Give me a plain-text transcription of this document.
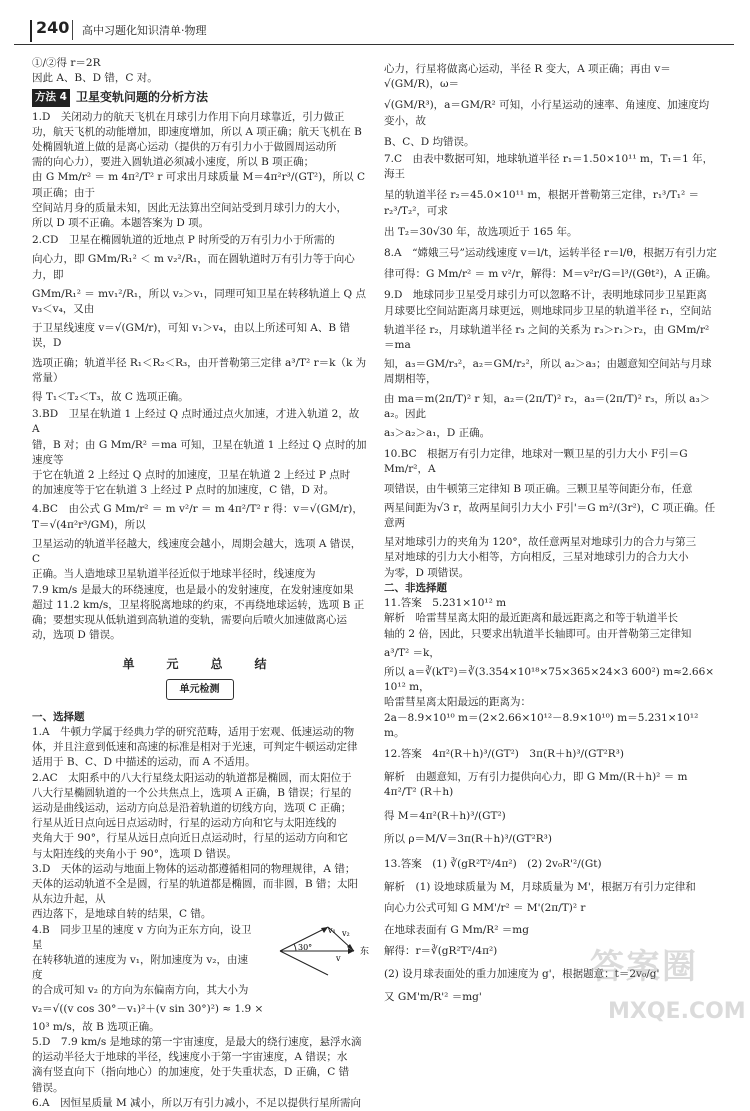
240 高中习题化知识清单·物理

①/②得 r＝2R

因此 A、B、D 错，C 对。

方法 4 卫星变轨问题的分析方法

1.D　关闭动力的航天飞机在月球引力作用下向月球靠近，引力做正

功，航天飞机的动能增加，即速度增加，所以 A 项正确；航天飞机在 B

处椭圆轨道上做的是离心运动（提供的万有引力小于做圆周运动所

需的向心力），要进入圆轨道必须减小速度，所以 B 项正确；

由 G Mm/r² ＝ m 4π²/T² r 可求出月球质量 M＝4π²r³/(GT²)，所以 C 项正确；由于

空间站月身的质量未知，因此无法算出空间站受到月球引力的大小，

所以 D 项不正确。本题答案为 D 项。

2.CD　卫星在椭圆轨道的近地点 P 时所受的万有引力小于所需的

向心力，即 GMm/R₁² ＜ m v₂²/R₁，而在圆轨道时万有引力等于向心力，即

GMm/R₁² ＝ mv₁²/R₁，所以 v₂＞v₁，同理可知卫星在转移轨道上 Q 点 v₃＜v₄，又由

于卫星线速度 v＝√(GM/r)，可知 v₁＞v₄，由以上所述可知 A、B 错误，D

选项正确；轨道半径 R₁＜R₂＜R₃，由开普勒第三定律 a³/T² r＝k（k 为常量）

得 T₁＜T₂＜T₃，故 C 选项正确。

3.BD　卫星在轨道 1 上经过 Q 点时通过点火加速，才进入轨道 2，故 A

错，B 对；由 G Mm/R² ＝ma 可知，卫星在轨道 1 上经过 Q 点时的加速度等

于它在轨道 2 上经过 Q 点时的加速度，卫星在轨道 2 上经过 P 点时

的加速度等于它在轨道 3 上经过 P 点时的加速度，C 错，D 对。

4.BC　由公式 G Mm/r² ＝ m v²/r ＝ m 4π²/T² r 得：v＝√(GM/r)，T＝√(4π²r³/GM)，所以

卫星运动的轨道半径越大，线速度会越小，周期会越大，选项 A 错误，C

正确。当人造地球卫星轨道半径近似于地球半径时，线速度为

7.9 km/s 是最大的环绕速度，也是最小的发射速度，在发射速度如果

超过 11.2 km/s，卫星将脱离地球的约束，不再绕地球运转，选项 B 正

确；要想实现从低轨道到高轨道的变轨，需要向后喷火加速做离心运

动，选项 D 错误。

单　元　总　结
单元检测

一、选择题

1.A　牛顿力学属于经典力学的研究范畴，适用于宏观、低速运动的物

体，并且注意到低速和高速的标准是相对于光速，可判定牛顿运动定律

适用于 B、C、D 中描述的运动，而 A 不适用。

2.AC　太阳系中的八大行星绕太阳运动的轨道都是椭圆，而太阳位于

八大行星椭圆轨道的一个公共焦点上，选项 A 正确，B 错误；行星的

运动是曲线运动，运动方向总是沿着轨道的切线方向，选项 C 正确；

行星从近日点向远日点运动时，行星的运动方向和它与太阳连线的

夹角大于 90°，行星从远日点向近日点运动时，行星的运动方向和它

与太阳连线的夹角小于 90°，选项 D 错误。

3.D　天体的运动与地面上物体的运动都遵循相同的物理规律，A 错；

天体的运动轨道不全是圆，行星的轨道都是椭圆，而非圆，B 错；太阳从东边升起，从

西边落下，是地球自转的结果，C 错。

4.B　同步卫星的速度 v 方向为正东方向，设卫星

在转移轨道的速度为 v₁，附加速度为 v₂，由速度

的合成可知 v₂ 的方向为东偏南方向，其大小为

v₂＝√((v cos 30°－v₁)²＋(v sin 30°)²) ≈ 1.9 ×

10³ m/s，故 B 选项正确。

v₁ v₂
v
30°	东

5.D　7.9 km/s 是地球的第一宇宙速度，是最大的绕行速度，悬浮水滴

的运动半径大于地球的半径，线速度小于第一宇宙速度，A 错误；水

滴有竖直向下（指向地心）的加速度，处于失重状态，D 正确，C 错

错误。

6.A　因恒星质量 M 减小，所以万有引力减小，不足以提供行星所需向

心力，行星将做离心运动，半径 R 变大，A 项正确；再由 v＝√(GM/R)，ω＝

√(GM/R³)，a＝GM/R² 可知，小行星运动的速率、角速度、加速度均变小，故

B、C、D 均错误。

7.C　由表中数据可知，地球轨道半径 r₁＝1.50×10¹¹ m，T₁＝1 年，海王

星的轨道半径 r₂＝45.0×10¹¹ m，根据开普勒第三定律，r₁³/T₁² ＝ r₂³/T₂²，可求

出 T₂＝30√30 年，故选项近于 165 年。

8.A　“嫦娥三号”运动线速度 v＝l/t，运转半径 r＝l/θ，根据万有引力定

律可得：G Mm/r² ＝ m v²/r，解得：M＝v²r/G＝l³/(Gθt²)，A 正确。

9.D　地球同步卫星受月球引力可以忽略不计，表明地球同步卫星距离

月球要比空间站距离月球更远，则地球同步卫星的轨道半径 r₁，空间站

轨道半径 r₂，月球轨道半径 r₃ 之间的关系为 r₃＞r₁＞r₂，由 GMm/r² ＝ma

知，a₃＝GM/r₃²，a₂＝GM/r₂²，所以 a₂＞a₃；由题意知空间站与月球周期相等，

由 ma＝m(2π/T)² r 知，a₂＝(2π/T)² r₂，a₃＝(2π/T)² r₃，所以 a₃＞a₂。因此

a₃＞a₂＞a₁，D 正确。

10.BC　根据万有引力定律，地球对一颗卫星的引力大小 F引＝G Mm/r²，A

项错误，由牛顿第三定律知 B 项正确。三颗卫星等间距分布，任意

两星间距为√3 r，故两星间引力大小 F引'＝G m²/(3r²)，C 项正确。任意两

星对地球引力的夹角为 120°，故任意两星对地球引力的合力与第三

星对地球的引力大小相等，方向相反，三星对地球引力的合力大小

为零，D 项错误。

二、非选择题

11.答案　5.231×10¹² m

解析　哈雷彗星离太阳的最近距离和最远距离之和等于轨道半长

轴的 2 倍，因此，只要求出轨道半长轴即可。由开普勒第三定律知

a³/T² ＝k，

所以 a＝∛(kT²)＝∛(3.354×10¹⁸×75×365×24×3 600²) m≈2.66×

10¹² m，

哈雷彗星离太阳最远的距离为：

2a－8.9×10¹⁰ m＝(2×2.66×10¹²－8.9×10¹⁰) m＝5.231×10¹² m。

12.答案　4π²(R＋h)³/(GT²)　3π(R＋h)³/(GT²R³)

解析　由题意知，万有引力提供向心力，即 G Mm/(R＋h)² ＝ m 4π²/T² (R＋h)

得 M＝4π²(R＋h)³/(GT²)

所以 ρ＝M/V＝3π(R＋h)³/(GT²R³)

13.答案　(1) ∛(gR²T²/4π²)　(2) 2v₀R'²/(Gt)

解析　(1) 设地球质量为 M，月球质量为 M'，根据万有引力定律和

向心力公式可知 G MM'/r² ＝ M'(2π/T)² r

在地球表面有 G Mm/R² ＝mg

解得：r＝∛(gR²T²/4π²)

(2) 设月球表面处的重力加速度为 g'，根据题意：t＝2v₀/g'

又 GM'm/R'² ＝mg'

答案圈
MXQE.COM
